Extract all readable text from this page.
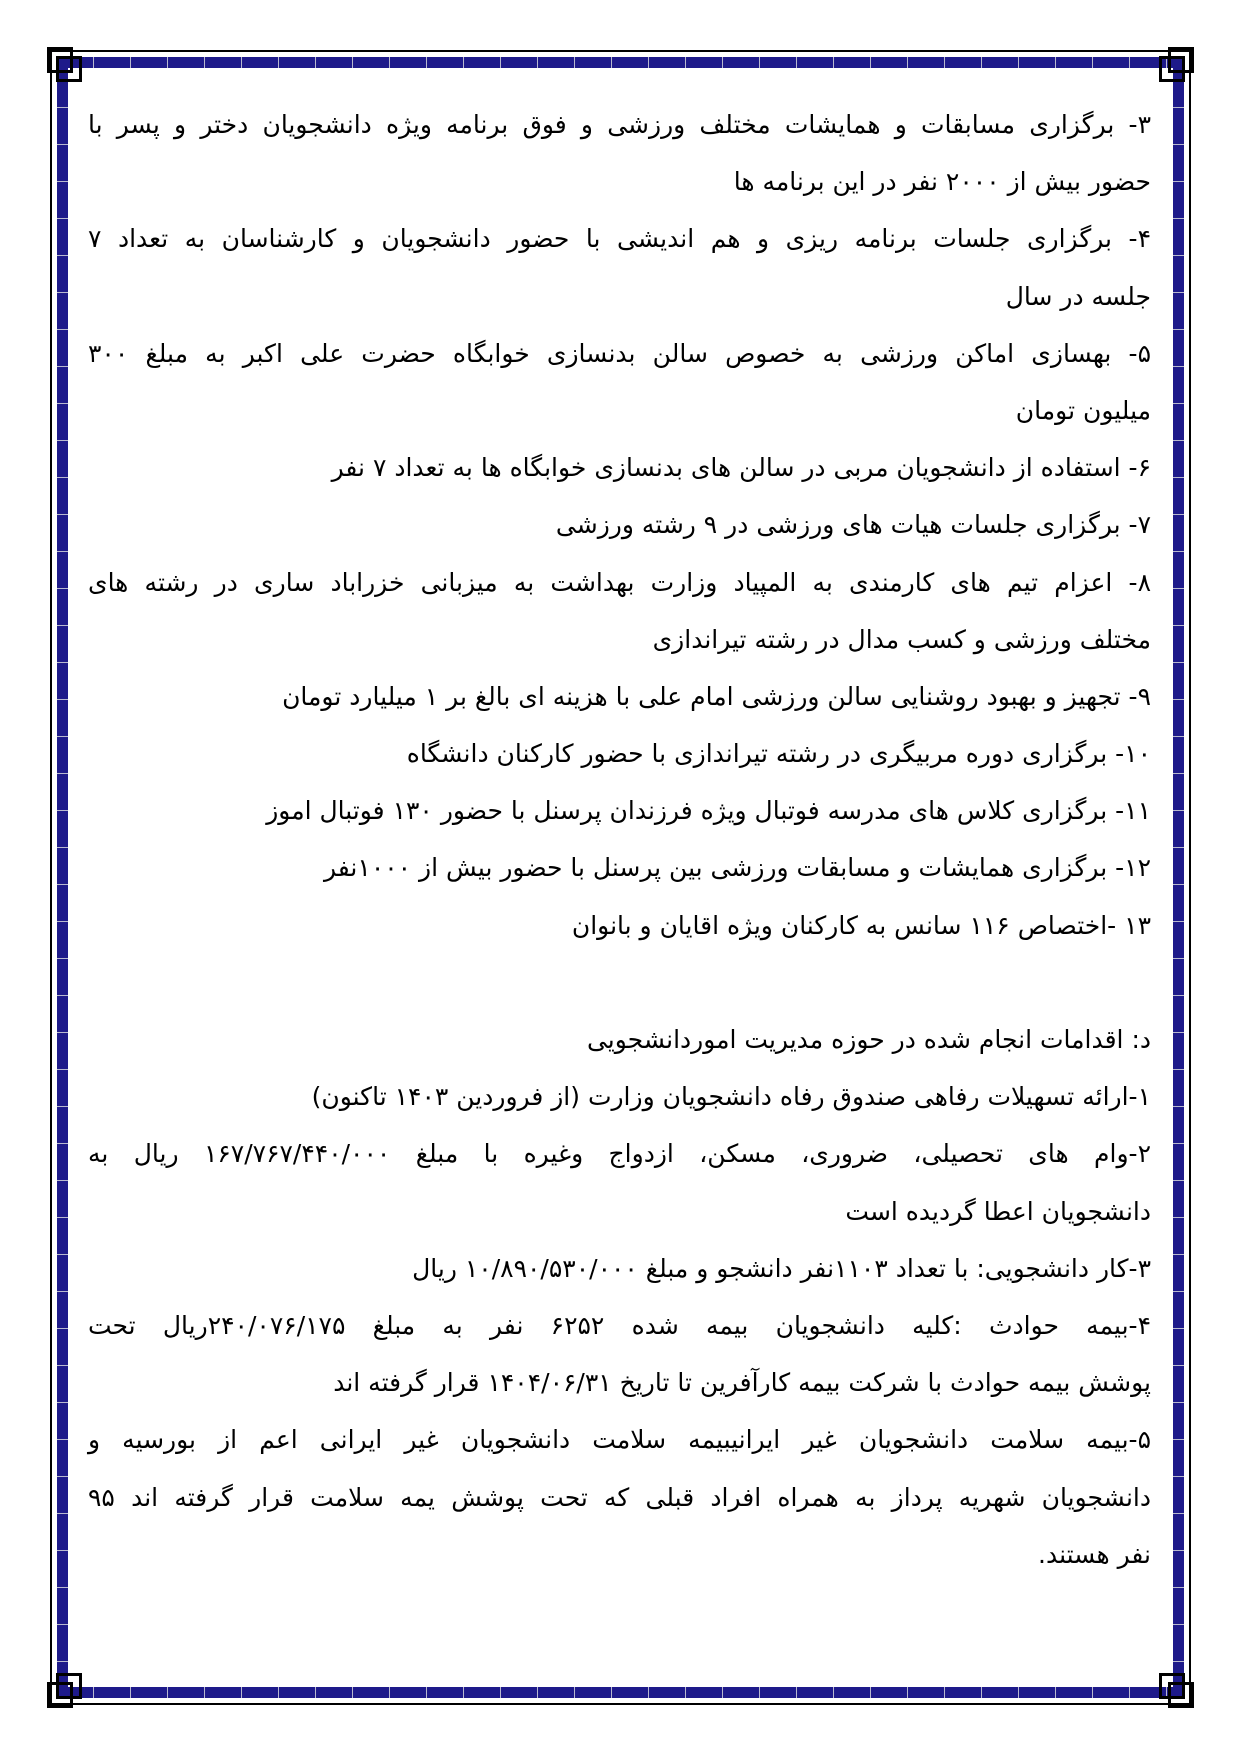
۳- برگزاری مسابقات و همایشات مختلف ورزشی و فوق برنامه ویژه دانشجویان دختر و پسر با
حضور بیش از ۲۰۰۰ نفر در این برنامه ها
۴- برگزاری جلسات برنامه ریزی و هم اندیشی با حضور دانشجویان و کارشناسان به تعداد ۷
جلسه در سال
۵- بهسازی اماکن ورزشی به خصوص سالن بدنسازی خوابگاه حضرت علی اکبر به مبلغ ۳۰۰
میلیون تومان
۶- استفاده از دانشجویان مربی در سالن های بدنسازی خوابگاه ها به تعداد ۷ نفر
۷- برگزاری جلسات هیات های ورزشی در ۹ رشته ورزشی
۸- اعزام تیم های کارمندی به المپیاد وزارت بهداشت به میزبانی خزراباد ساری در رشته های
مختلف ورزشی و کسب مدال در رشته تیراندازی
۹- تجهیز و بهبود روشنایی سالن ورزشی امام علی با هزینه ای بالغ بر ۱ میلیارد تومان
۱۰- برگزاری دوره مربیگری در رشته تیراندازی با حضور کارکنان دانشگاه
۱۱- برگزاری کلاس های مدرسه فوتبال ویژه فرزندان پرسنل با حضور ۱۳۰ فوتبال اموز
۱۲- برگزاری همایشات و مسابقات ورزشی بین پرسنل با حضور بیش از ۱۰۰۰نفر
۱۳ -اختصاص ۱۱۶ سانس به کارکنان ویژه اقایان و بانوان
د: اقدامات انجام شده در حوزه مدیریت اموردانشجویی
۱-ارائه تسهیلات رفاهی صندوق رفاه دانشجویان وزارت (از فروردین ۱۴۰۳ تاکنون)
۲-وام های تحصیلی، ضروری، مسکن، ازدواج وغیره با مبلغ ۱۶۷/۷۶۷/۴۴۰/۰۰۰ ریال به
دانشجویان اعطا گردیده است
۳-کار دانشجویی: با تعداد ۱۱۰۳نفر دانشجو و مبلغ ۱۰/۸۹۰/۵۳۰/۰۰۰ ریال
۴-بیمه حوادث :کلیه دانشجویان بیمه شده ۶۲۵۲ نفر به مبلغ ۲۴۰/۰۷۶/۱۷۵ریال تحت
پوشش بیمه حوادث با شرکت بیمه کارآفرین تا تاریخ ۱۴۰۴/۰۶/۳۱ قرار گرفته اند
۵-بیمه سلامت دانشجویان غیر ایرانیبیمه سلامت دانشجویان غیر ایرانی اعم از بورسیه و
دانشجویان شهریه پرداز به همراه افراد قبلی که تحت پوشش یمه سلامت قرار گرفته اند ۹۵
نفر هستند.
